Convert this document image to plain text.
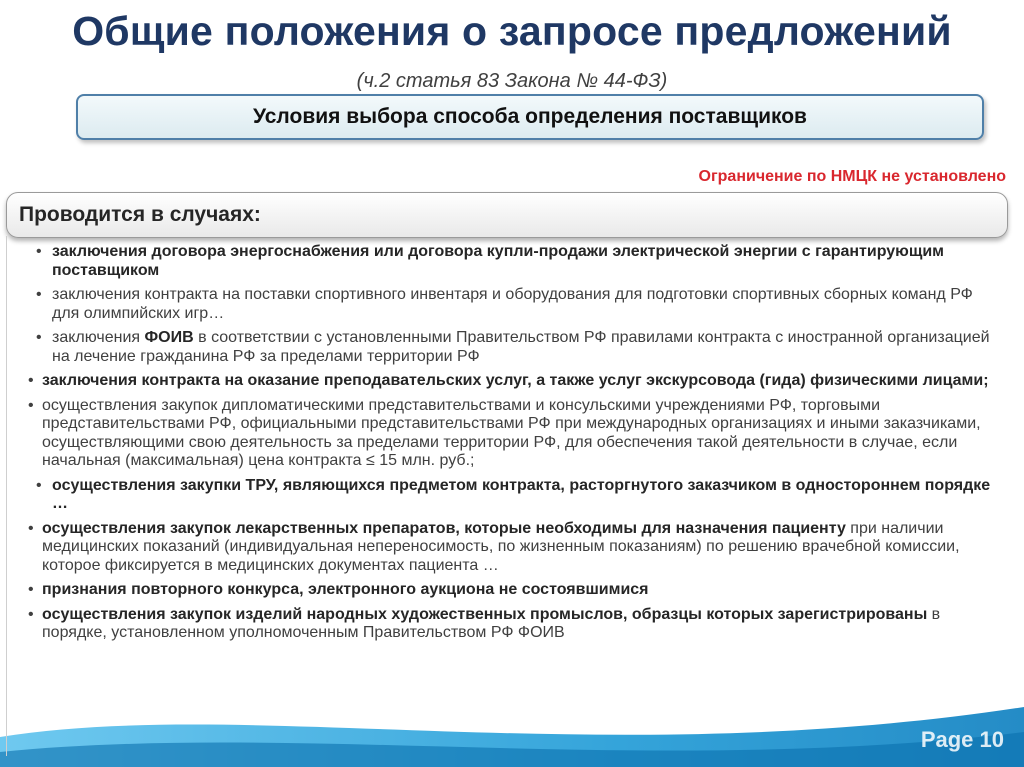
Page 10
Общие положения о запросе предложений
(ч.2 статья 83 Закона № 44-ФЗ)
Условия выбора способа определения поставщиков
Ограничение по НМЦК не установлено
Проводится в случаях:
• заключения договора энергоснабжения или договора купли-продажи электрической энергии с гарантирующим поставщиком
• заключения контракта на поставки спортивного инвентаря и оборудования для подготовки спортивных сборных команд РФ для олимпийских игр…
• заключения ФОИВ в соответствии с установленными Правительством РФ правилами контракта с иностранной организацией на лечение гражданина РФ за пределами территории РФ
• заключения контракта на оказание преподавательских услуг, а также услуг экскурсовода (гида) физическими лицами;
• осуществления закупок дипломатическими представительствами и консульскими учреждениями РФ, торговыми представительствами РФ, официальными представительствами РФ при международных организациях и иными заказчиками, осуществляющими свою деятельность за пределами территории РФ, для обеспечения такой деятельности в случае, если начальная (максимальная) цена контракта ≤ 15 млн. руб.;
• осуществления закупки ТРУ, являющихся предметом контракта, расторгнутого заказчиком в одностороннем порядке …
• осуществления закупок лекарственных препаратов, которые необходимы для назначения пациенту при наличии медицинских показаний (индивидуальная непереносимость, по жизненным показаниям) по решению врачебной комиссии, которое фиксируется в медицинских документах пациента …
• признания повторного конкурса, электронного аукциона не состоявшимися
• осуществления закупок изделий народных художественных промыслов, образцы которых зарегистрированы в порядке, установленном уполномоченным Правительством РФ ФОИВ
